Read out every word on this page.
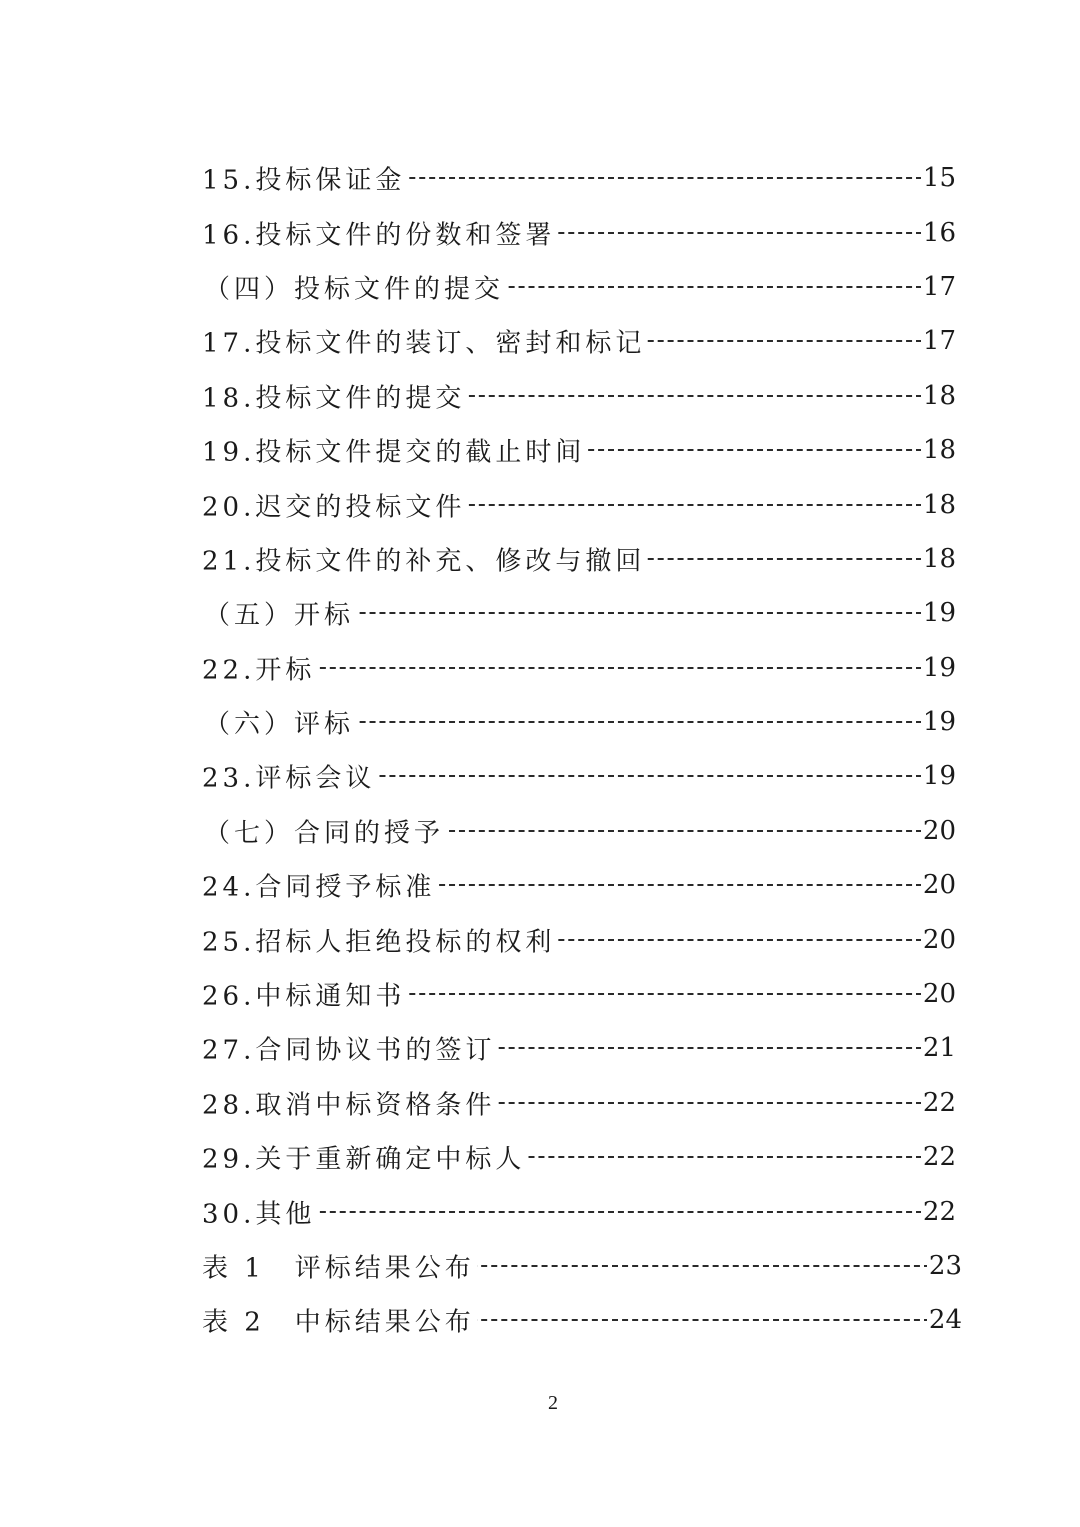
15.投标保证金	15
16.投标文件的份数和签署	16
（四）投标文件的提交	17
17.投标文件的装订、密封和标记	17
18.投标文件的提交	18
19.投标文件提交的截止时间	18
20.迟交的投标文件	18
21.投标文件的补充、修改与撤回	18
（五）开标	19
22.开标	19
（六）评标	19
23.评标会议	19
（七）合同的授予	20
24.合同授予标准	20
25.招标人拒绝投标的权利	20
26.中标通知书	20
27.合同协议书的签订	21
28.取消中标资格条件	22
29.关于重新确定中标人	22
30.其他	22
表 1　评标结果公布	23
表 2　中标结果公布	24
2
